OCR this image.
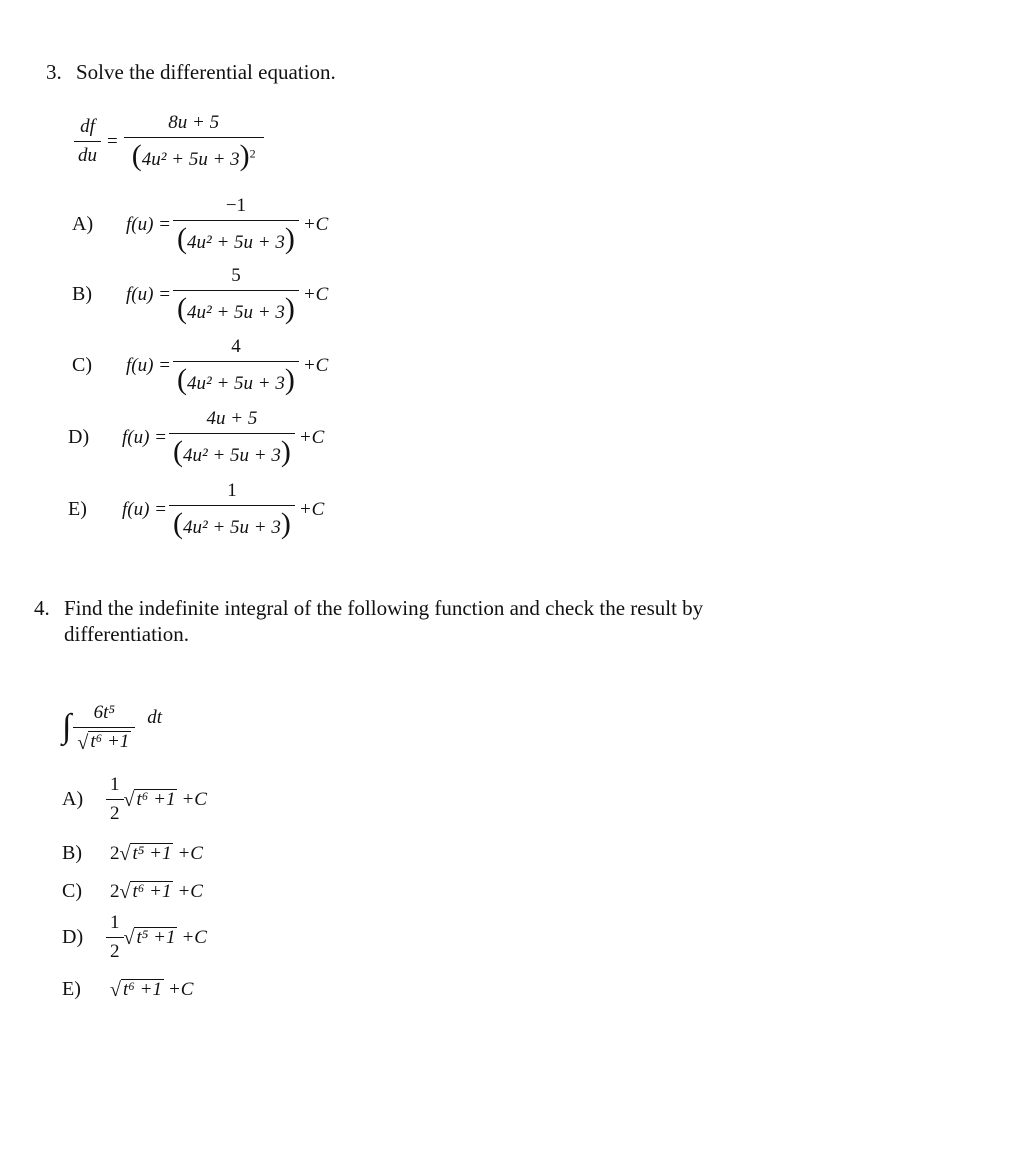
3. Solve the differential equation.
$\frac{df}{du} = \frac{8u + 5}{(4u^2 + 5u + 3)^2}$
A)	$f(u) = \frac{-1}{\text{(4u² + 5u + 3)}} +C$
B)	$f(u) = \frac{5}{\text{(4u² + 5u + 3)}} +C$
C)	$f(u) = \frac{4}{\text{(4u² + 5u + 3)}} +C$
D)	$f(u) = \frac{4u + 5}{\text{(4u² + 5u + 3)}} +C$
E)	$f(u) = \frac{1}{\text{(4u² + 5u + 3)}} +C$
4. Find the indefinite integral of the following function and check the result by
differentiation.
∫ $\frac{\text{6t⁵}}{\text{√ t⁶ +1}}$ dt
A)	$\frac{1}{2}$ √ t⁶ +1 +C
B)	2 √ t⁵ +1 +C
C)	2 √ t⁶ +1 +C
D)	$\frac{1}{2}$ √ t⁵ +1 +C
E)	√ t⁶ +1 +C
